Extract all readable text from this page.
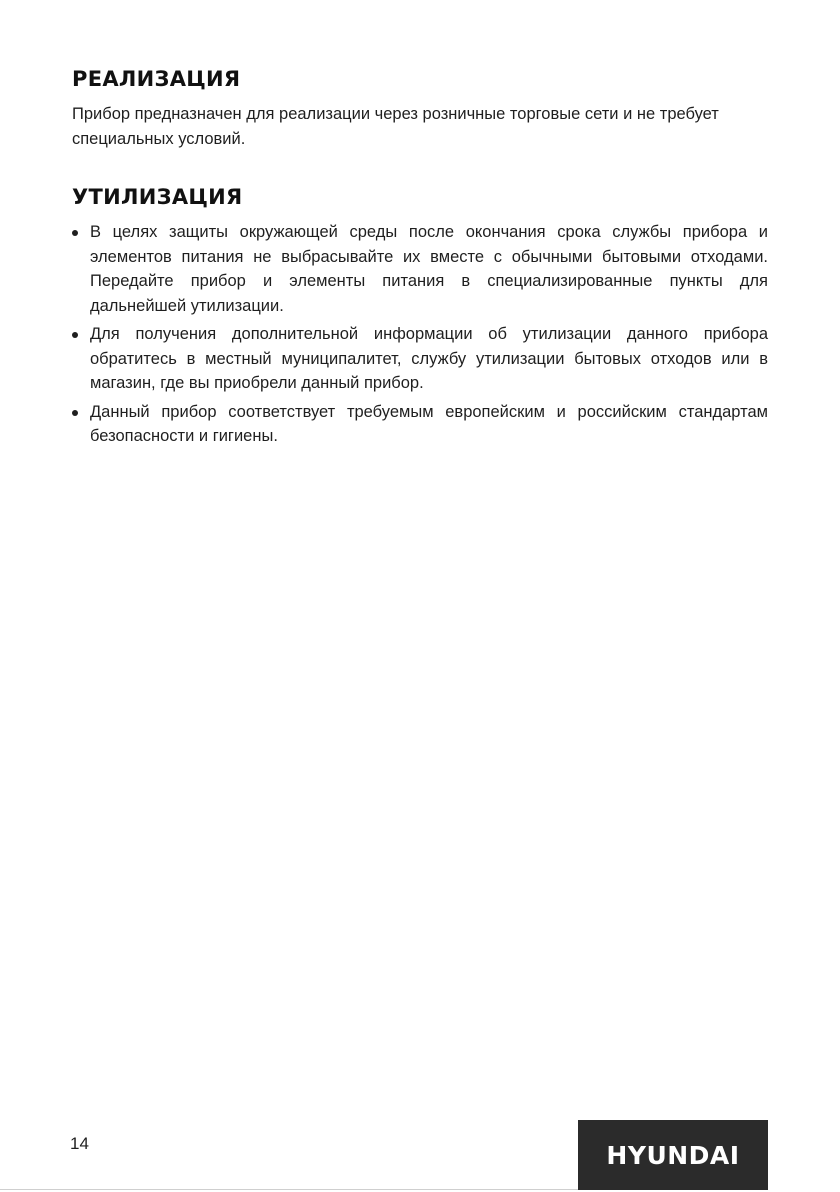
РЕАЛИЗАЦИЯ

Прибор предназначен для реализации через розничные торговые сети и не требует специальных условий.

УТИЛИЗАЦИЯ
В целях защиты окружающей среды после окончания срока службы прибора и элементов питания не выбрасывайте их вместе с обычными бытовыми отходами. Передайте прибор и элементы питания в специализированные пункты для дальнейшей утилизации.
Для получения дополнительной информации об утилизации данного прибора обратитесь в местный муниципалитет, службу утилизации бытовых отходов или в магазин, где вы приобрели данный прибор.
Данный прибор соответствует требуемым европейским и российским стандартам безопасности и гигиены.
14	HYUNDAI
